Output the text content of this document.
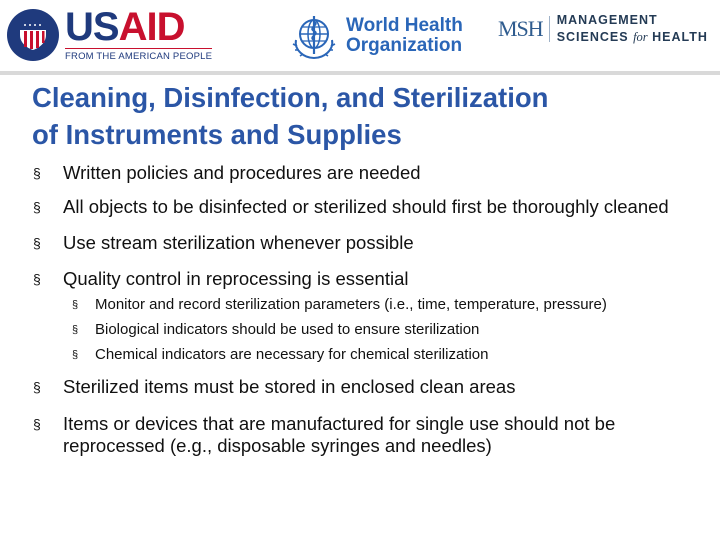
USAID
FROM THE AMERICAN PEOPLE
World Health
Organization
MSH	MANAGEMENT
SCIENCES for HEALTH
Cleaning, Disinfection, and Sterilization
of Instruments and Supplies
§ Written policies and procedures are needed
§ All objects to be disinfected or sterilized should first be thoroughly cleaned
§ Use stream sterilization whenever possible
§ Quality control in reprocessing is essential
§ Monitor and record sterilization parameters (i.e., time, temperature, pressure)
§ Biological indicators should be used to ensure sterilization
§ Chemical indicators are necessary for chemical sterilization
§ Sterilized items must be stored in enclosed clean areas
§ Items or devices that are manufactured for single use should not be reprocessed (e.g., disposable syringes and needles)
